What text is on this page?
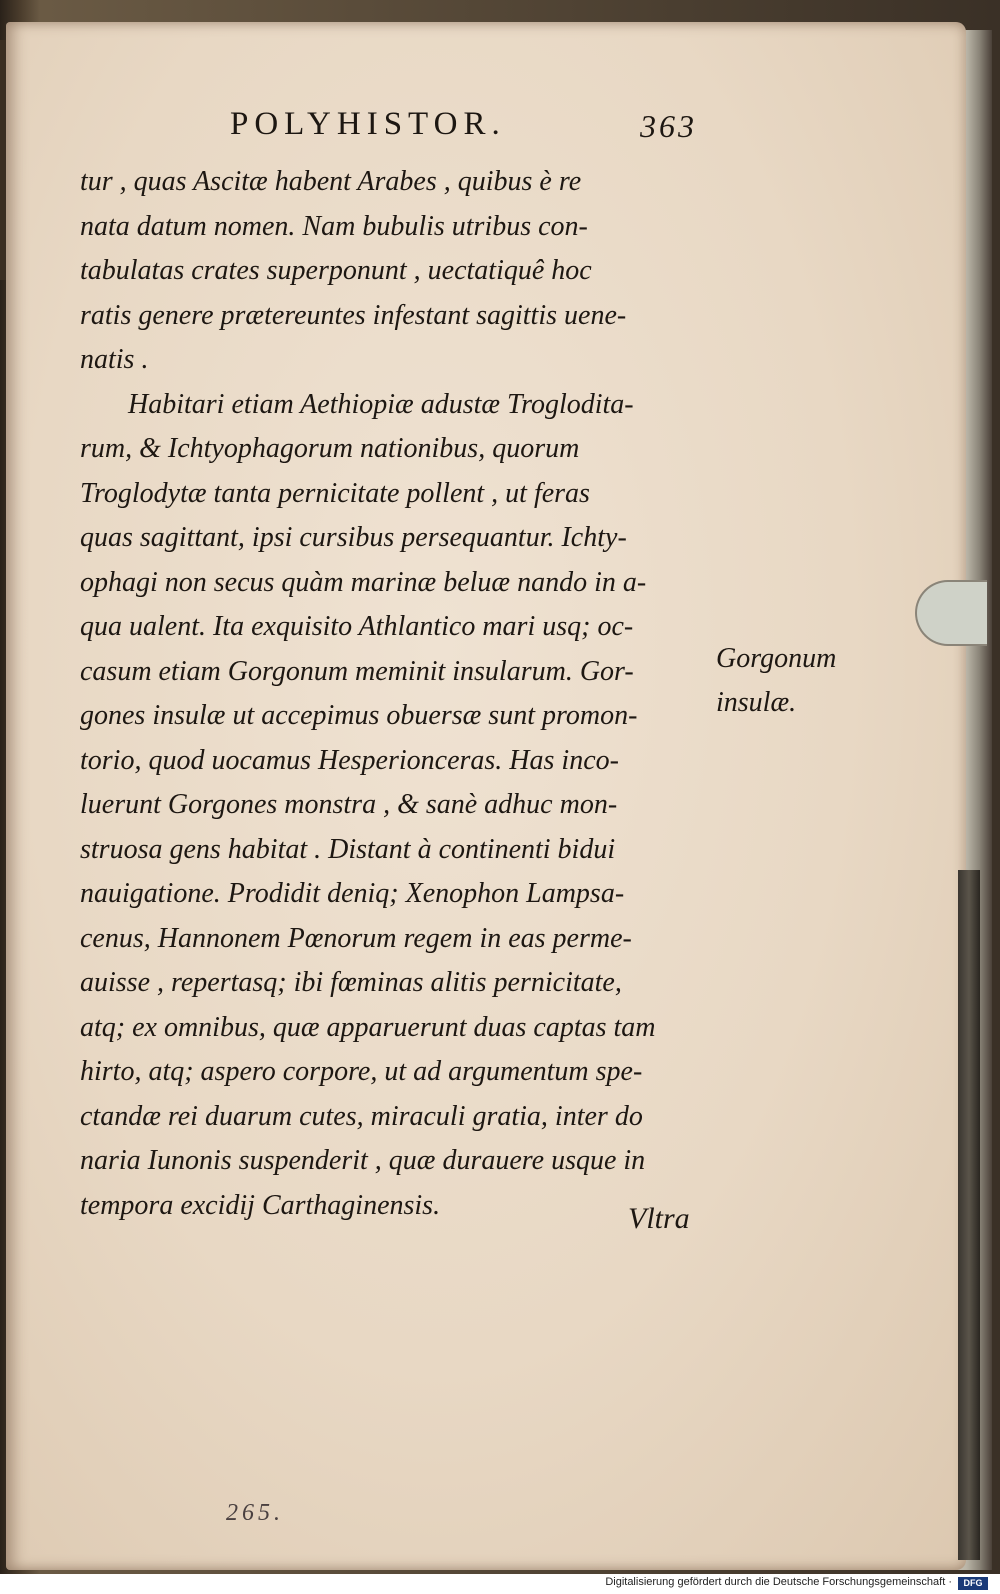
POLYHISTOR.	363
tur , quas Ascitæ habent Arabes , quibus è re
nata datum nomen. Nam bubulis utribus con-
tabulatas crates superponunt , uectatiquê hoc
ratis genere prætereuntes infestant sagittis uene-
natis .
Habitari etiam Aethiopiæ adustæ Troglodita-
rum, & Ichtyophagorum nationibus, quorum
Troglodytæ tanta pernicitate pollent , ut feras
quas sagittant, ipsi cursibus persequantur. Ichty-
ophagi non secus quàm marinæ beluæ nando in a-
qua ualent. Ita exquisito Athlantico mari usq; oc-
casum etiam Gorgonum meminit insularum. Gor-
gones insulæ ut accepimus obuersæ sunt promon-
torio, quod uocamus Hesperionceras. Has inco-
luerunt Gorgones monstra , & sanè adhuc mon-
struosa gens habitat . Distant à continenti bidui
nauigatione. Prodidit deniq; Xenophon Lampsa-
cenus, Hannonem Pœnorum regem in eas perme-
auisse , repertasq; ibi fœminas alitis pernicitate,
atq; ex omnibus, quæ apparuerunt duas captas tam
hirto, atq; aspero corpore, ut ad argumentum spe-
ctandæ rei duarum cutes, miraculi gratia, inter do
naria Iunonis suspenderit , quæ durauere usque in
tempora excidij Carthaginensis.
Gorgonum
insulæ.
Vltra
265.
Digitalisierung gefördert durch die Deutsche Forschungsgemeinschaft ·	DFG
